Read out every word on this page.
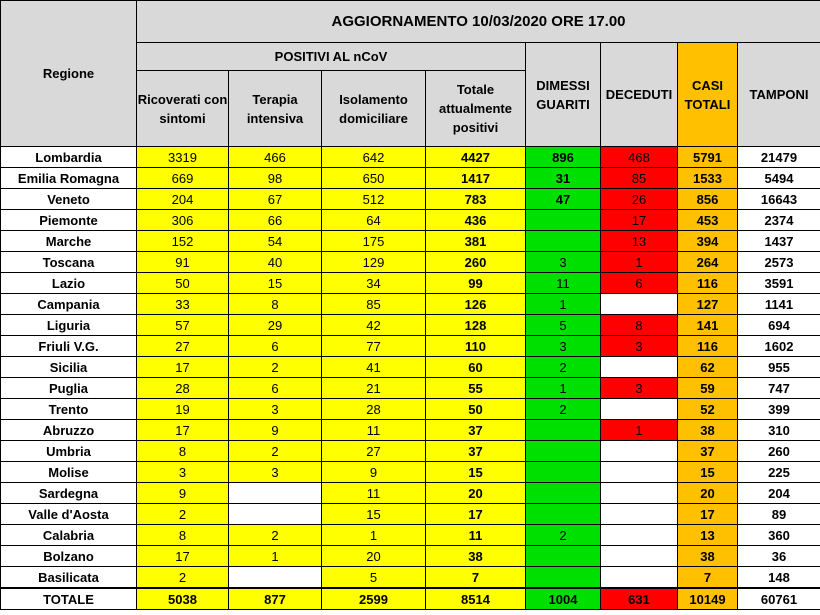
Regione	AGGIORNAMENTO 10/03/2020 ORE 17.00							
	POSITIVI AL nCoV				DIMESSI GUARITI	DECEDUTI	CASI TOTALI	TAMPONI
	Ricoverati con sintomi	Terapia intensiva	Isolamento domiciliare	Totale attualmente positivi				
Lombardia	3319	466	642	4427	896	468	5791	21479
Emilia Romagna	669	98	650	1417	31	85	1533	5494
Veneto	204	67	512	783	47	26	856	16643
Piemonte	306	66	64	436		17	453	2374
Marche	152	54	175	381		13	394	1437
Toscana	91	40	129	260	3	1	264	2573
Lazio	50	15	34	99	11	6	116	3591
Campania	33	8	85	126	1		127	1141
Liguria	57	29	42	128	5	8	141	694
Friuli V.G.	27	6	77	110	3	3	116	1602
Sicilia	17	2	41	60	2		62	955
Puglia	28	6	21	55	1	3	59	747
Trento	19	3	28	50	2		52	399
Abruzzo	17	9	11	37		1	38	310
Umbria	8	2	27	37			37	260
Molise	3	3	9	15			15	225
Sardegna	9		11	20			20	204
Valle d'Aosta	2		15	17			17	89
Calabria	8	2	1	11	2		13	360
Bolzano	17	1	20	38			38	36
Basilicata	2		5	7			7	148
TOTALE	5038	877	2599	8514	1004	631	10149	60761
